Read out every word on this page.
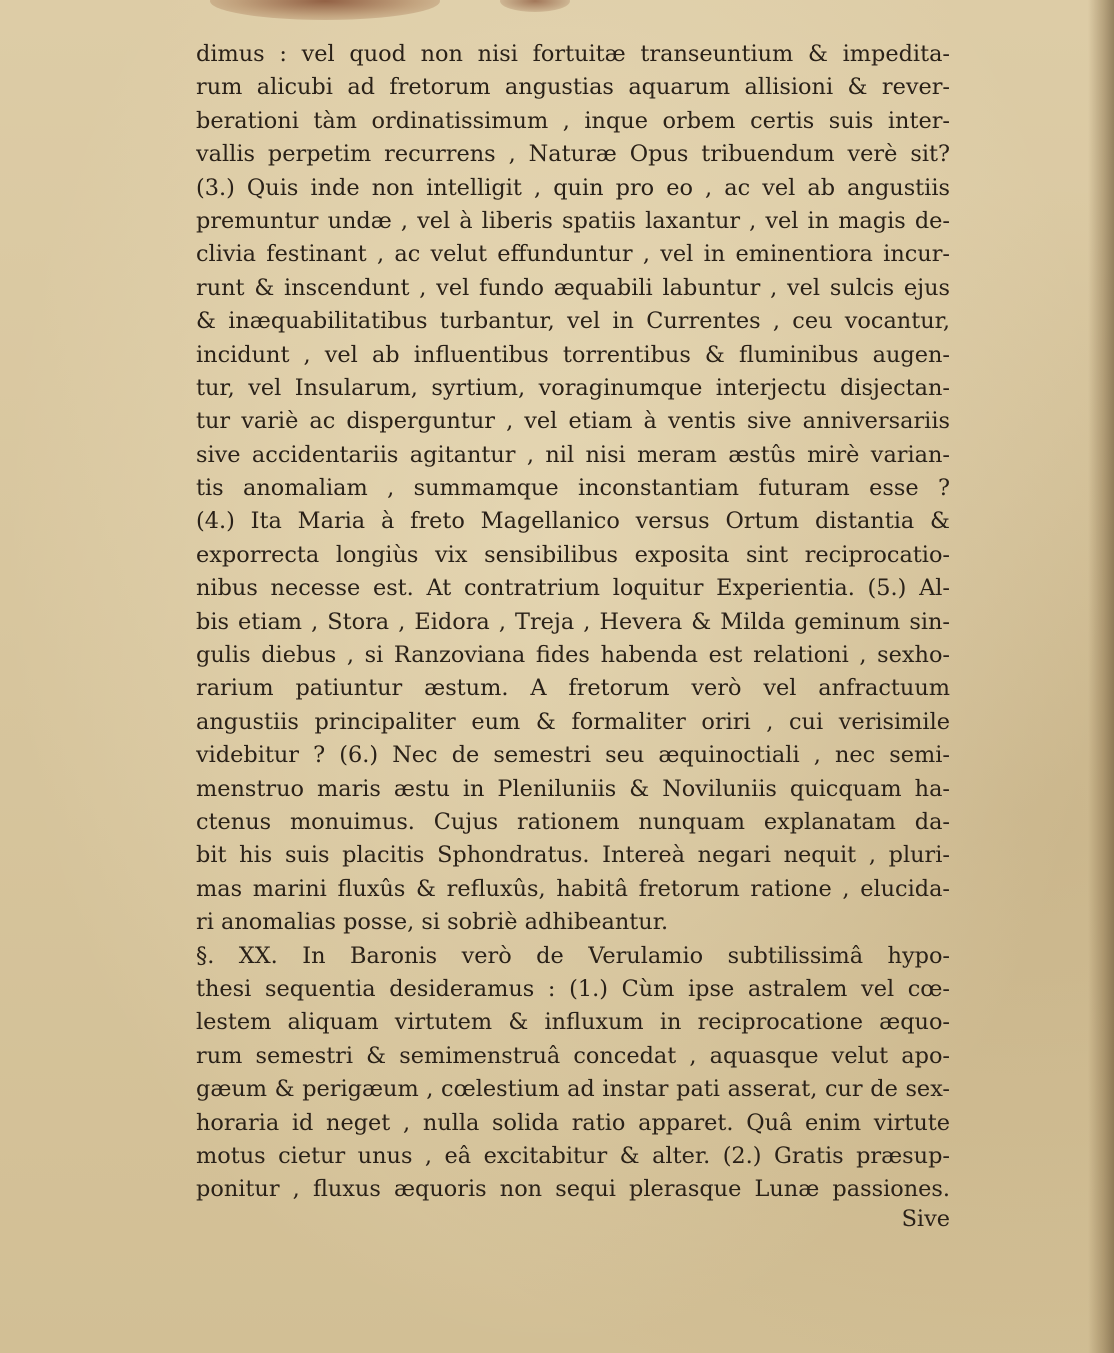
dimus : vel quod non nisi fortuitæ transeuntium & impedita-
rum alicubi ad fretorum angustias aquarum allisioni & rever-
berationi tàm ordinatissimum , inque orbem certis suis inter-
vallis perpetim recurrens , Naturæ Opus tribuendum verè sit?
(3.) Quis inde non intelligit , quin pro eo , ac vel ab angustiis
premuntur undæ , vel à liberis spatiis laxantur , vel in magis de-
clivia festinant , ac velut effunduntur , vel in eminentiora incur-
runt & inscendunt , vel fundo æquabili labuntur , vel sulcis ejus
& inæquabilitatibus turbantur, vel in Currentes , ceu vocantur,
incidunt , vel ab influentibus torrentibus & fluminibus augen-
tur, vel Insularum, syrtium, voraginumque interjectu disjectan-
tur variè ac disperguntur , vel etiam à ventis sive anniversariis
sive accidentariis agitantur , nil nisi meram æstûs mirè varian-
tis anomaliam , summamque inconstantiam futuram esse ?
(4.) Ita Maria à freto Magellanico versus Ortum distantia &
exporrecta longiùs vix sensibilibus exposita sint reciprocatio-
nibus necesse est. At contratrium loquitur Experientia. (5.) Al-
bis etiam , Stora , Eidora , Treja , Hevera & Milda geminum sin-
gulis diebus , si Ranzoviana fides habenda est relationi , sexho-
rarium patiuntur æstum. A fretorum verò vel anfractuum
angustiis principaliter eum & formaliter oriri , cui verisimile
videbitur ? (6.) Nec de semestri seu æquinoctiali , nec semi-
menstruo maris æstu in Pleniluniis & Noviluniis quicquam ha-
ctenus monuimus. Cujus rationem nunquam explanatam da-
bit his suis placitis Sphondratus. Intereà negari nequit , pluri-
mas marini fluxûs & refluxûs, habitâ fretorum ratione , elucida-
ri anomalias posse, si sobriè adhibeantur.
§. XX. In Baronis verò de Verulamio subtilissimâ hypo-
thesi sequentia desideramus : (1.) Cùm ipse astralem vel cœ-
lestem aliquam virtutem & influxum in reciprocatione æquo-
rum semestri & semimenstruâ concedat , aquasque velut apo-
gæum & perigæum , cœlestium ad instar pati asserat, cur de sex-
horaria id neget , nulla solida ratio apparet. Quâ enim virtute
motus cietur unus , eâ excitabitur & alter. (2.) Gratis præsup-
ponitur , fluxus æquoris non sequi plerasque Lunæ passiones.
Sive
